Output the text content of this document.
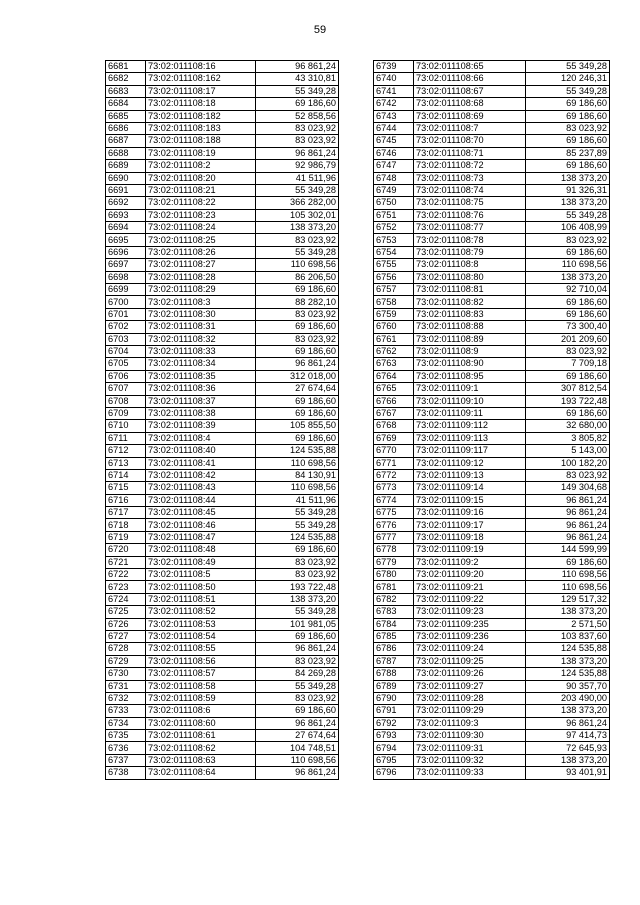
59
6681	73:02:011108:16	96 861,24
6682	73:02:011108:162	43 310,81
6683	73:02:011108:17	55 349,28
6684	73:02:011108:18	69 186,60
6685	73:02:011108:182	52 858,56
6686	73:02:011108:183	83 023,92
6687	73:02:011108:188	83 023,92
6688	73:02:011108:19	96 861,24
6689	73:02:011108:2	92 986,79
6690	73:02:011108:20	41 511,96
6691	73:02:011108:21	55 349,28
6692	73:02:011108:22	366 282,00
6693	73:02:011108:23	105 302,01
6694	73:02:011108:24	138 373,20
6695	73:02:011108:25	83 023,92
6696	73:02:011108:26	55 349,28
6697	73:02:011108:27	110 698,56
6698	73:02:011108:28	86 206,50
6699	73:02:011108:29	69 186,60
6700	73:02:011108:3	88 282,10
6701	73:02:011108:30	83 023,92
6702	73:02:011108:31	69 186,60
6703	73:02:011108:32	83 023,92
6704	73:02:011108:33	69 186,60
6705	73:02:011108:34	96 861,24
6706	73:02:011108:35	312 018,00
6707	73:02:011108:36	27 674,64
6708	73:02:011108:37	69 186,60
6709	73:02:011108:38	69 186,60
6710	73:02:011108:39	105 855,50
6711	73:02:011108:4	69 186,60
6712	73:02:011108:40	124 535,88
6713	73:02:011108:41	110 698,56
6714	73:02:011108:42	84 130,91
6715	73:02:011108:43	110 698,56
6716	73:02:011108:44	41 511,96
6717	73:02:011108:45	55 349,28
6718	73:02:011108:46	55 349,28
6719	73:02:011108:47	124 535,88
6720	73:02:011108:48	69 186,60
6721	73:02:011108:49	83 023,92
6722	73:02:011108:5	83 023,92
6723	73:02:011108:50	193 722,48
6724	73:02:011108:51	138 373,20
6725	73:02:011108:52	55 349,28
6726	73:02:011108:53	101 981,05
6727	73:02:011108:54	69 186,60
6728	73:02:011108:55	96 861,24
6729	73:02:011108:56	83 023,92
6730	73:02:011108:57	84 269,28
6731	73:02:011108:58	55 349,28
6732	73:02:011108:59	83 023,92
6733	73:02:011108:6	69 186,60
6734	73:02:011108:60	96 861,24
6735	73:02:011108:61	27 674,64
6736	73:02:011108:62	104 748,51
6737	73:02:011108:63	110 698,56
6738	73:02:011108:64	96 861,24
6739	73:02:011108:65	55 349,28
6740	73:02:011108:66	120 246,31
6741	73:02:011108:67	55 349,28
6742	73:02:011108:68	69 186,60
6743	73:02:011108:69	69 186,60
6744	73:02:011108:7	83 023,92
6745	73:02:011108:70	69 186,60
6746	73:02:011108:71	85 237,89
6747	73:02:011108:72	69 186,60
6748	73:02:011108:73	138 373,20
6749	73:02:011108:74	91 326,31
6750	73:02:011108:75	138 373,20
6751	73:02:011108:76	55 349,28
6752	73:02:011108:77	106 408,99
6753	73:02:011108:78	83 023,92
6754	73:02:011108:79	69 186,60
6755	73:02:011108:8	110 698,56
6756	73:02:011108:80	138 373,20
6757	73:02:011108:81	92 710,04
6758	73:02:011108:82	69 186,60
6759	73:02:011108:83	69 186,60
6760	73:02:011108:88	73 300,40
6761	73:02:011108:89	201 209,60
6762	73:02:011108:9	83 023,92
6763	73:02:011108:90	7 709,18
6764	73:02:011108:95	69 186,60
6765	73:02:011109:1	307 812,54
6766	73:02:011109:10	193 722,48
6767	73:02:011109:11	69 186,60
6768	73:02:011109:112	32 680,00
6769	73:02:011109:113	3 805,82
6770	73:02:011109:117	5 143,00
6771	73:02:011109:12	100 182,20
6772	73:02:011109:13	83 023,92
6773	73:02:011109:14	149 304,68
6774	73:02:011109:15	96 861,24
6775	73:02:011109:16	96 861,24
6776	73:02:011109:17	96 861,24
6777	73:02:011109:18	96 861,24
6778	73:02:011109:19	144 599,99
6779	73:02:011109:2	69 186,60
6780	73:02:011109:20	110 698,56
6781	73:02:011109:21	110 698,56
6782	73:02:011109:22	129 517,32
6783	73:02:011109:23	138 373,20
6784	73:02:011109:235	2 571,50
6785	73:02:011109:236	103 837,60
6786	73:02:011109:24	124 535,88
6787	73:02:011109:25	138 373,20
6788	73:02:011109:26	124 535,88
6789	73:02:011109:27	90 357,70
6790	73:02:011109:28	203 490,00
6791	73:02:011109:29	138 373,20
6792	73:02:011109:3	96 861,24
6793	73:02:011109:30	97 414,73
6794	73:02:011109:31	72 645,93
6795	73:02:011109:32	138 373,20
6796	73:02:011109:33	93 401,91
